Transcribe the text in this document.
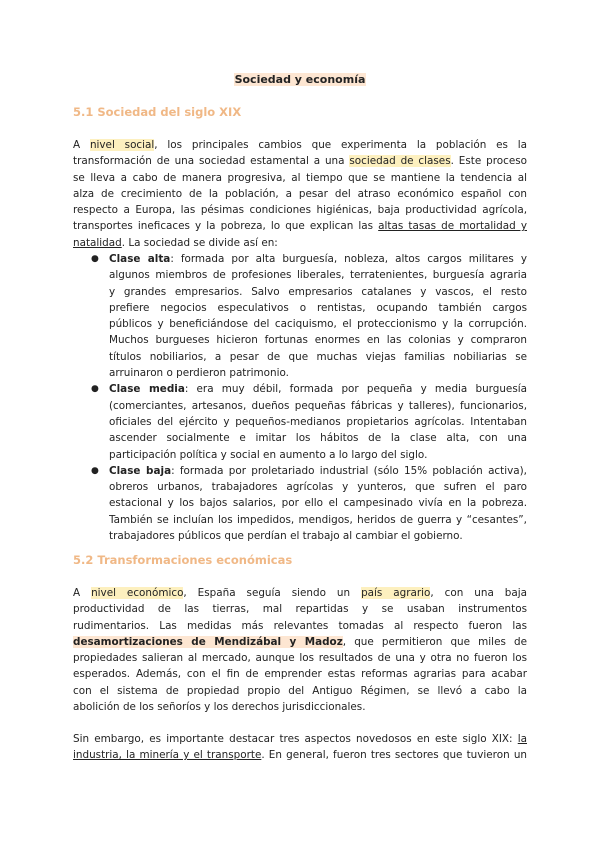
Sociedad y economía
5.1 Sociedad del siglo XIX
A nivel social, los principales cambios que experimenta la población es la
transformación de una sociedad estamental a una sociedad de clases. Este proceso
se lleva a cabo de manera progresiva, al tiempo que se mantiene la tendencia al
alza de crecimiento de la población, a pesar del atraso económico español con
respecto a Europa, las pésimas condiciones higiénicas, baja productividad agrícola,
transportes ineficaces y la pobreza, lo que explican las altas tasas de mortalidad y
natalidad. La sociedad se divide así en:
● Clase alta: formada por alta burguesía, nobleza, altos cargos militares y
algunos miembros de profesiones liberales, terratenientes, burguesía agraria
y grandes empresarios. Salvo empresarios catalanes y vascos, el resto
prefiere negocios especulativos o rentistas, ocupando también cargos
públicos y beneficiándose del caciquismo, el proteccionismo y la corrupción.
Muchos burgueses hicieron fortunas enormes en las colonias y compraron
títulos nobiliarios, a pesar de que muchas viejas familias nobiliarias se
arruinaron o perdieron patrimonio.
● Clase media: era muy débil, formada por pequeña y media burguesía
(comerciantes, artesanos, dueños pequeñas fábricas y talleres), funcionarios,
oficiales del ejército y pequeños-medianos propietarios agrícolas. Intentaban
ascender socialmente e imitar los hábitos de la clase alta, con una
participación política y social en aumento a lo largo del siglo.
● Clase baja: formada por proletariado industrial (sólo 15% población activa),
obreros urbanos, trabajadores agrícolas y yunteros, que sufren el paro
estacional y los bajos salarios, por ello el campesinado vivía en la pobreza.
También se incluían los impedidos, mendigos, heridos de guerra y “cesantes”,
trabajadores públicos que perdían el trabajo al cambiar el gobierno.
5.2 Transformaciones económicas
A nivel económico, España seguía siendo un país agrario, con una baja
productividad de las tierras, mal repartidas y se usaban instrumentos
rudimentarios. Las medidas más relevantes tomadas al respecto fueron las
desamortizaciones de Mendizábal y Madoz, que permitieron que miles de
propiedades salieran al mercado, aunque los resultados de una y otra no fueron los
esperados. Además, con el fin de emprender estas reformas agrarias para acabar
con el sistema de propiedad propio del Antiguo Régimen, se llevó a cabo la
abolición de los señoríos y los derechos jurisdiccionales.
Sin embargo, es importante destacar tres aspectos novedosos en este siglo XIX: la
industria, la minería y el transporte. En general, fueron tres sectores que tuvieron un
